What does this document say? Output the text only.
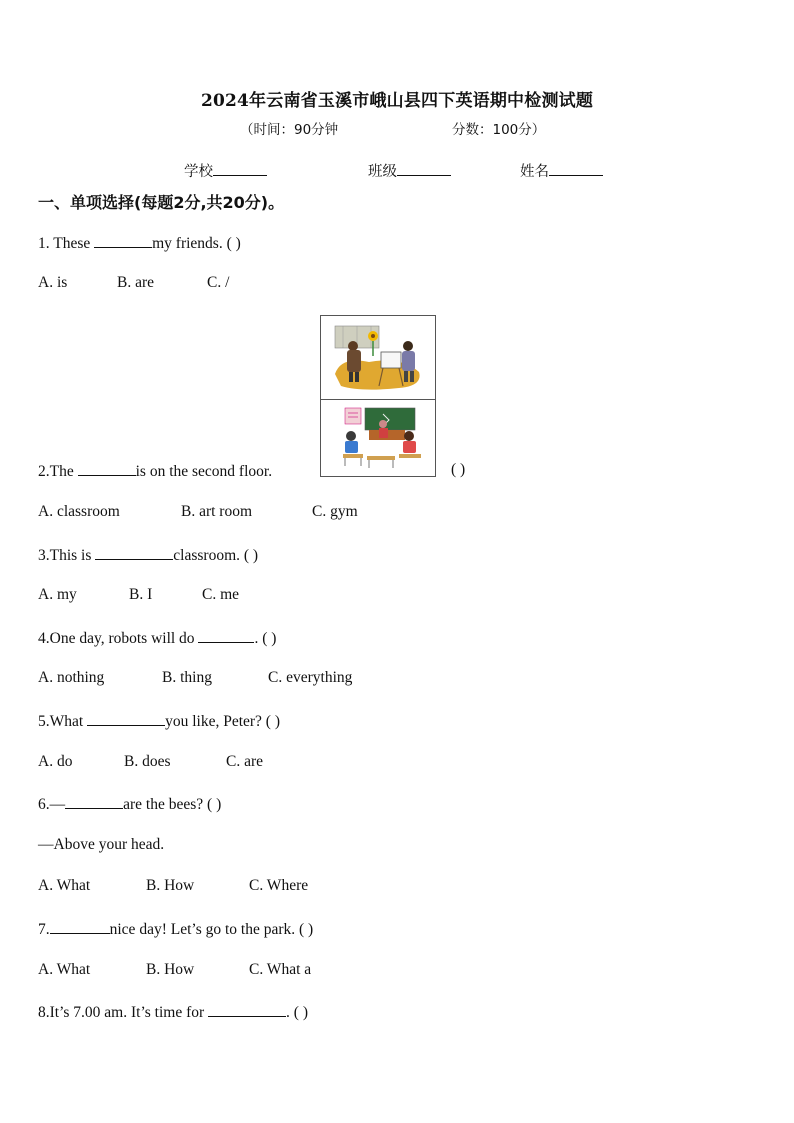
2024年云南省玉溪市峨山县四下英语期中检测试题
（时间：90分钟	分数：100分）
学校	班级	姓名
一、单项选择(每题2分,共20分)。
1. These	my friends. ( )
A. is	B. are	C. /
2.The	is on the second floor.	( )
A. classroom	B. art room	C. gym
3.This is	classroom. ( )
A. my	B. I	C. me
4.One day, robots will do	. ( )
A. nothing	B. thing	C. everything
5.What	you like, Peter? ( )
A. do	B. does	C. are
6.—	are the bees? ( )
—Above your head.
A. What	B. How	C. Where
7.	nice day! Let’s go to the park. ( )
A. What	B. How	C. What a
8.It’s 7.00 am. It’s time for	. ( )
